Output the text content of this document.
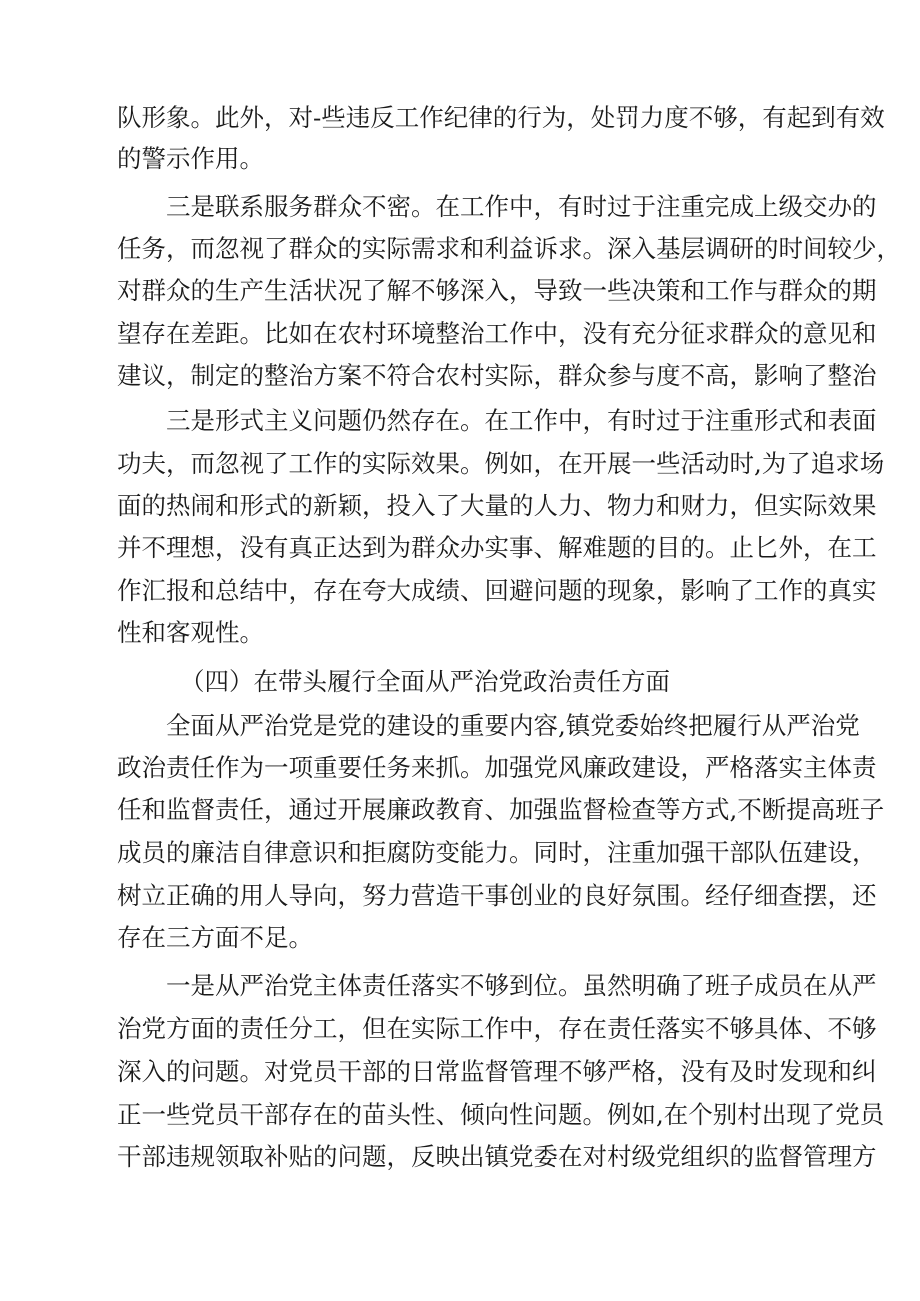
队形象。此外，对-些违反工作纪律的行为，处罚力度不够，有起到有效
的警示作用。
三是联系服务群众不密。在工作中，有时过于注重完成上级交办的
任务，而忽视了群众的实际需求和利益诉求。深入基层调研的时间较少，
对群众的生产生活状况了解不够深入，导致一些决策和工作与群众的期
望存在差距。比如在农村环境整治工作中，没有充分征求群众的意见和
建议，制定的整治方案不符合农村实际，群众参与度不高，影响了整治
三是形式主义问题仍然存在。在工作中，有时过于注重形式和表面
功夫，而忽视了工作的实际效果。例如，在开展一些活动时,为了追求场
面的热闹和形式的新颖，投入了大量的人力、物力和财力，但实际效果
并不理想，没有真正达到为群众办实事、解难题的目的。止匕外，在工
作汇报和总结中，存在夸大成绩、回避问题的现象，影响了工作的真实
性和客观性。
（四）在带头履行全面从严治党政治责任方面
全面从严治党是党的建设的重要内容,镇党委始终把履行从严治党
政治责任作为一项重要任务来抓。加强党风廉政建设，严格落实主体责
任和监督责任，通过开展廉政教育、加强监督检查等方式,不断提高班子
成员的廉洁自律意识和拒腐防变能力。同时，注重加强干部队伍建设，
树立正确的用人导向，努力营造干事创业的良好氛围。经仔细查摆，还
存在三方面不足。
一是从严治党主体责任落实不够到位。虽然明确了班子成员在从严
治党方面的责任分工，但在实际工作中，存在责任落实不够具体、不够
深入的问题。对党员干部的日常监督管理不够严格，没有及时发现和纠
正一些党员干部存在的苗头性、倾向性问题。例如,在个别村出现了党员
干部违规领取补贴的问题，反映出镇党委在对村级党组织的监督管理方
